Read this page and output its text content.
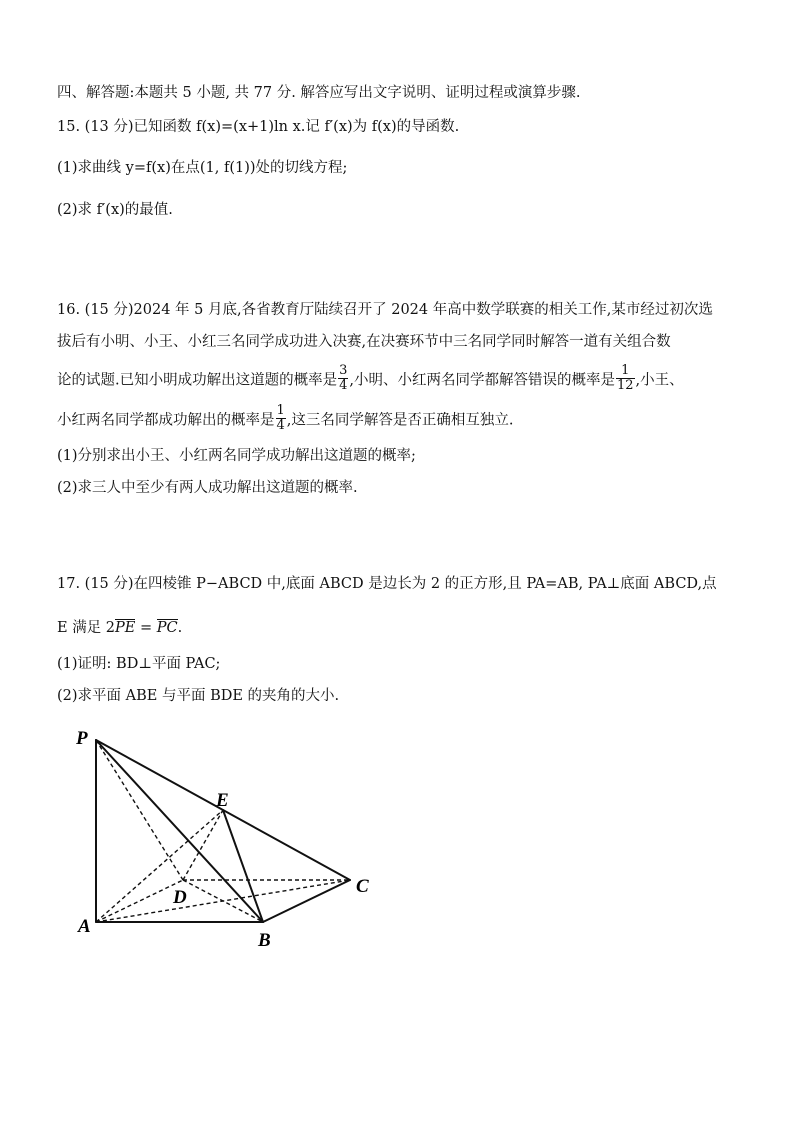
四、解答题:本题共 5 小题, 共 77 分. 解答应写出文字说明、证明过程或演算步骤.
15. (13 分)已知函数 f(x)=(x+1)ln x.记 f′(x)为 f(x)的导函数.
(1)求曲线 y=f(x)在点(1, f(1))处的切线方程;
(2)求 f′(x)的最值.
16. (15 分)2024 年 5 月底,各省教育厅陆续召开了 2024 年高中数学联赛的相关工作,某市经过初次选
拔后有小明、小王、小红三名同学成功进入决赛,在决赛环节中三名同学同时解答一道有关组合数
论的试题.已知小明成功解出这道题的概率是 $\frac{3}{4}$ ,小明、小红两名同学都解答错误的概率是 $\frac{1}{12}$ ,小王、
小红两名同学都成功解出的概率是 $\frac{1}{4}$ ,这三名同学解答是否正确相互独立.
(1)分别求出小王、小红两名同学成功解出这道题的概率;
(2)求三人中至少有两人成功解出这道题的概率.
17. (15 分)在四棱锥 P−ABCD 中,底面 ABCD 是边长为 2 的正方形,且 PA=AB, PA⊥底面 ABCD,点
E 满足 2PE = PC.
(1)证明: BD⊥平面 PAC;
(2)求平面 ABE 与平面 BDE 的夹角的大小.
P
E
D
C
A
B
